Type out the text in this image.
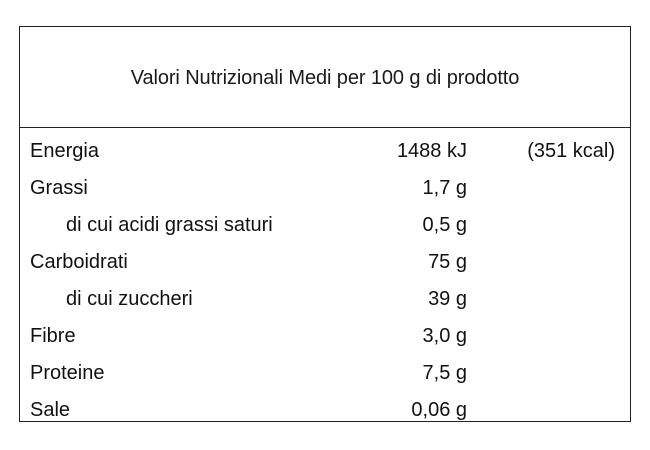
Valori Nutrizionali Medi per 100 g di prodotto
Energia	1488 kJ	(351 kcal)
Grassi	1,7 g
di cui acidi grassi saturi	0,5 g
Carboidrati	75 g
di cui zuccheri	39 g
Fibre	3,0 g
Proteine	7,5 g
Sale	0,06 g
